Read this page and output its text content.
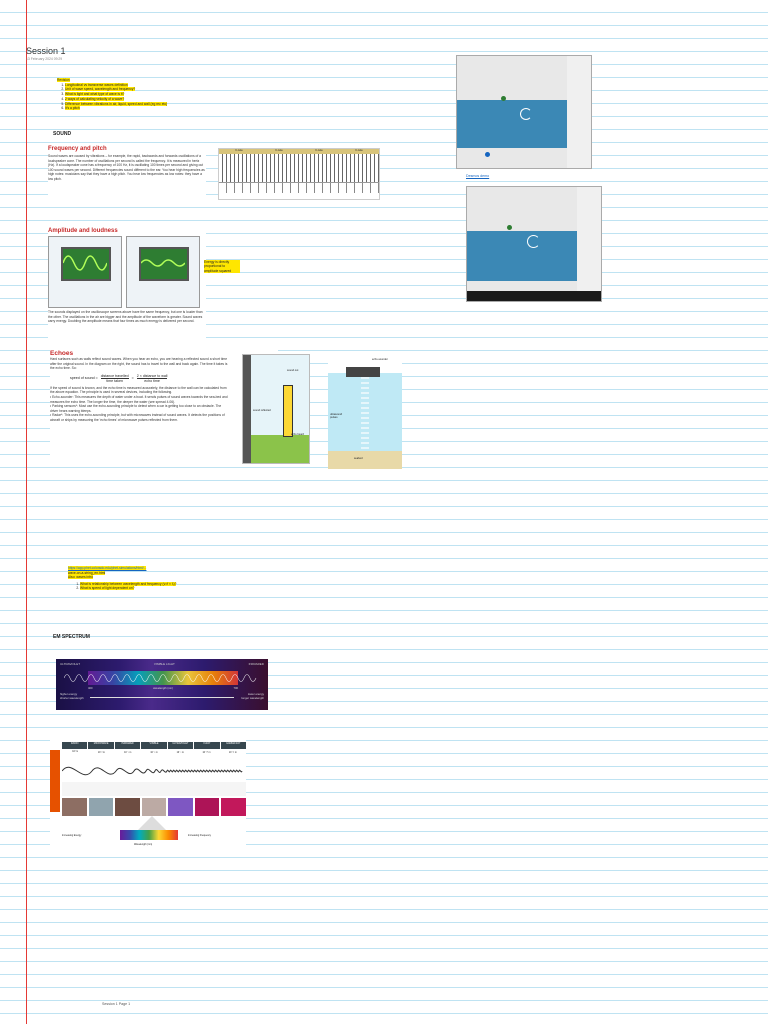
Session 1
13 February 2024 09:29
Revision
1. Longitudinal vs transverse waves definition
2. Unit of wave speed, wavelength and frequency?
3. What is light and what type of wave is it?
4. 2 ways of calculating velocity of a wave?
5. Difference between vibrations in air, liquid, speed and wall (eg rec etc)
6. It's a pitch
SOUND
Frequency and pitch
Sound waves are caused by vibrations – for example, the rapid, backwards and forwards oscillations of a loudspeaker cone. The number of oscillations per second is called the frequency. It is measured in hertz (Hz). If a loudspeaker cone has a frequency of 100 Hz, it is oscillating 100 times per second and giving out 100 sound waves per second. Different frequencies sound different to the ear. You hear high frequencies as high notes: musicians say that they have a high pitch. You hear low frequencies as low notes: they have a low pitch.
C-note	C-note	C-note	C-note
Desmos demo
Amplitude and loudness
The sounds displayed on the oscilloscope screens above have the same frequency, but one is louder than the other. The oscillations in the air are bigger and the amplitude of the waveform is greater. Sound waves carry energy. Doubling the amplitude means that four times as much energy is delivered per second.
Energy is directly proportional to amplitude squared
Echoes
Hard surfaces such as walls reflect sound waves. When you hear an echo, you are hearing a reflected sound a short time after the original sound. In the diagram on the right, the sound has to travel to the wall and back again. The time it takes is the echo time. So:
speed of sound =
distance travelled
time taken
=
2 × distance to wall
echo time
If the speed of sound is known, and the echo time is measured accurately, the distance to the wall can be calculated from the above equation. The principle is used in several devices, including the following.
• Echo-sounder: This measures the depth of water under a boat. It sends pulses of sound waves towards the sea-bed and measures the echo time. The longer the time, the deeper the water (see spread 4.06).
• Parking sensors*: Most use the echo-sounding principle to detect when a car is getting too close to an obstacle. The driver hears warning bleeps.
• Radar*: This uses the echo-sounding principle, but with microwaves instead of sound waves. It detects the positions of aircraft or ships by measuring the 'echo times' of microwave pulses reflected from them.
sound out
sound reflected
echo heard
echo-sounder
ultrasound pulses
seabed
https://app.phet.colorado.edu/phet-simulations/html/...
wave-on-a-string_en.html
Also: waves intro
1. What is relationship between wavelength and frequency (v=f × λ)?
2. What is speed of light dependent on?
EM SPECTRUM
ULTRAVIOLET	VISIBLE LIGHT	INFRARED
400	wavelength (nm)	700
higher energy
shorter wavelength
lower energy
longer wavelength
RADIO	MICROWAVE	INFRARED	VISIBLE	ULTRAVIOLET	X-RAY	GAMMA RAY
10³ m	10⁻² m	10⁻⁵ m	10⁻⁶ m	10⁻⁸ m	10⁻¹⁰ m	10⁻¹² m
Increasing Energy	Increasing Frequency
Wavelength (nm)
Session 1 Page 1
